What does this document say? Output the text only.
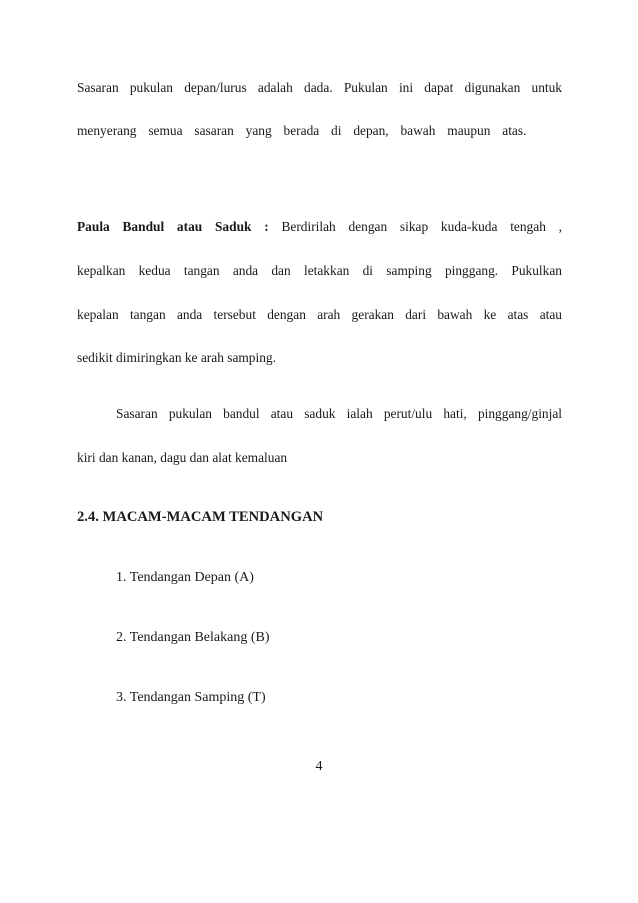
Sasaran pukulan depan/lurus adalah dada. Pukulan ini dapat digunakan untuk
menyerang semua sasaran yang berada di depan, bawah maupun atas.
Paula Bandul atau Saduk : Berdirilah dengan sikap kuda-kuda tengah ,
kepalkan kedua tangan anda dan letakkan di samping pinggang. Pukulkan
kepalan tangan anda tersebut dengan arah gerakan dari bawah ke atas atau
sedikit dimiringkan ke arah samping.
Sasaran pukulan bandul atau saduk ialah perut/ulu hati, pinggang/ginjal
kiri dan kanan, dagu dan alat kemaluan
2.4. MACAM-MACAM TENDANGAN
1. Tendangan Depan (A)
2. Tendangan Belakang (B)
3. Tendangan Samping (T)
4
